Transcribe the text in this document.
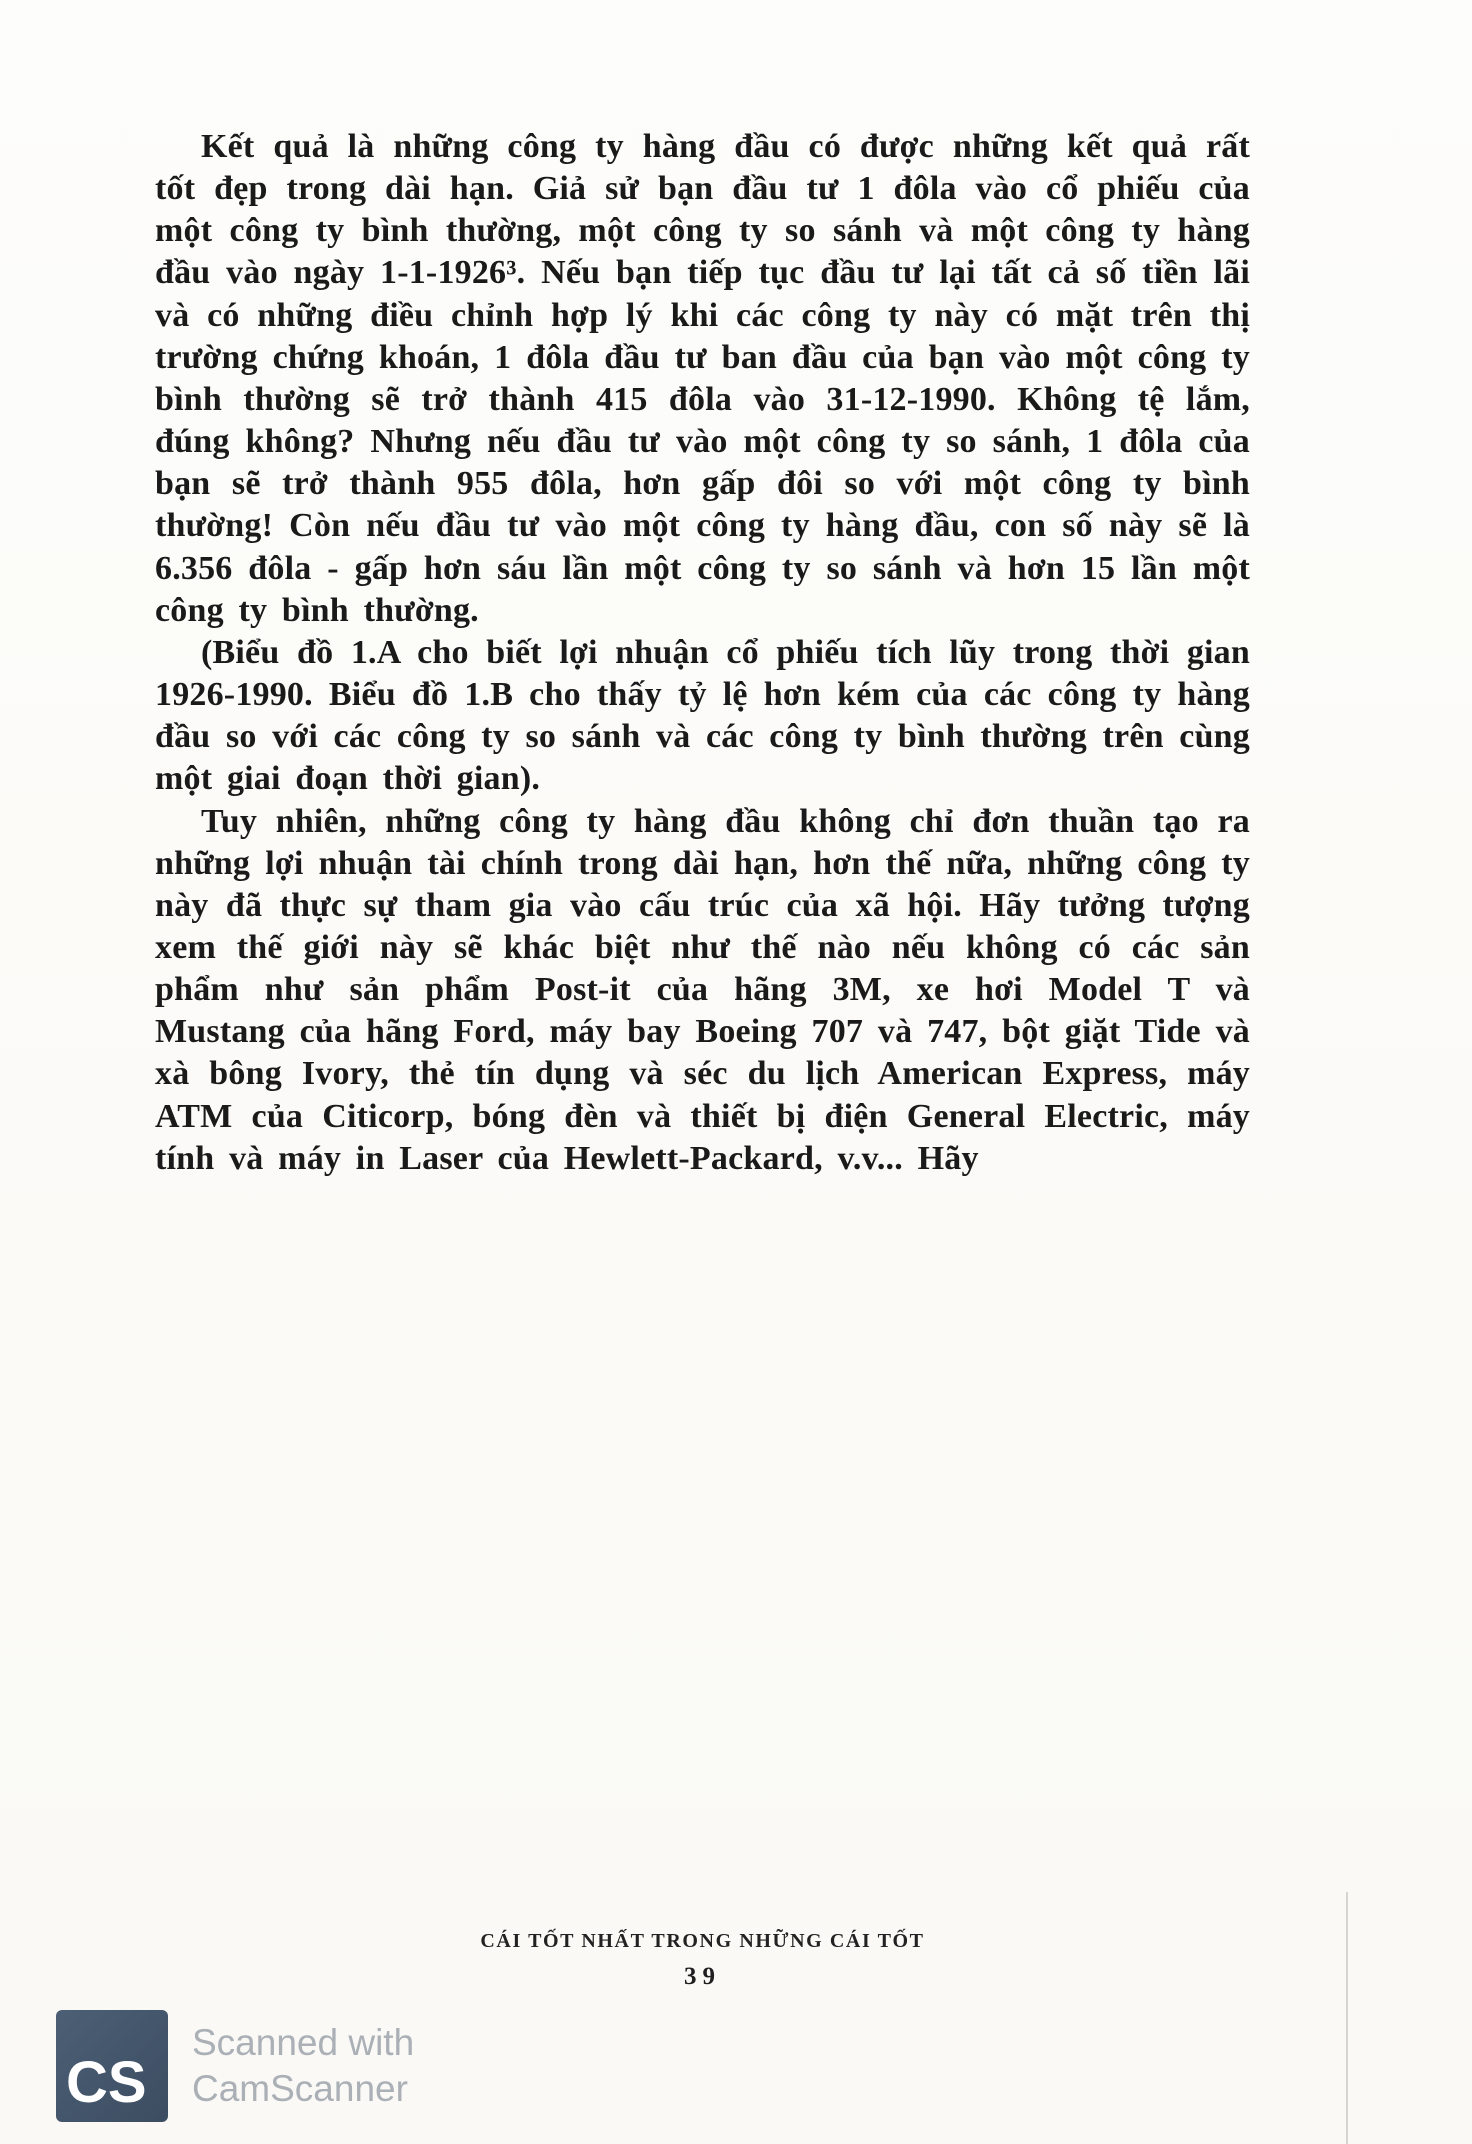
Kết quả là những công ty hàng đầu có được những kết quả rất tốt đẹp trong dài hạn. Giả sử bạn đầu tư 1 đôla vào cổ phiếu của một công ty bình thường, một công ty so sánh và một công ty hàng đầu vào ngày 1-1-1926³. Nếu bạn tiếp tục đầu tư lại tất cả số tiền lãi và có những điều chỉnh hợp lý khi các công ty này có mặt trên thị trường chứng khoán, 1 đôla đầu tư ban đầu của bạn vào một công ty bình thường sẽ trở thành 415 đôla vào 31-12-1990. Không tệ lắm, đúng không? Nhưng nếu đầu tư vào một công ty so sánh, 1 đôla của bạn sẽ trở thành 955 đôla, hơn gấp đôi so với một công ty bình thường! Còn nếu đầu tư vào một công ty hàng đầu, con số này sẽ là 6.356 đôla - gấp hơn sáu lần một công ty so sánh và hơn 15 lần một công ty bình thường.

(Biểu đồ 1.A cho biết lợi nhuận cổ phiếu tích lũy trong thời gian 1926-1990. Biểu đồ 1.B cho thấy tỷ lệ hơn kém của các công ty hàng đầu so với các công ty so sánh và các công ty bình thường trên cùng một giai đoạn thời gian).

Tuy nhiên, những công ty hàng đầu không chỉ đơn thuần tạo ra những lợi nhuận tài chính trong dài hạn, hơn thế nữa, những công ty này đã thực sự tham gia vào cấu trúc của xã hội. Hãy tưởng tượng xem thế giới này sẽ khác biệt như thế nào nếu không có các sản phẩm như sản phẩm Post-it của hãng 3M, xe hơi Model T và Mustang của hãng Ford, máy bay Boeing 707 và 747, bột giặt Tide và xà bông Ivory, thẻ tín dụng và séc du lịch American Express, máy ATM của Citicorp, bóng đèn và thiết bị điện General Electric, máy tính và máy in Laser của Hewlett-Packard, v.v... Hãy

CÁI TỐT NHẤT TRONG NHỮNG CÁI TỐT
39
CS
Scanned with
CamScanner
